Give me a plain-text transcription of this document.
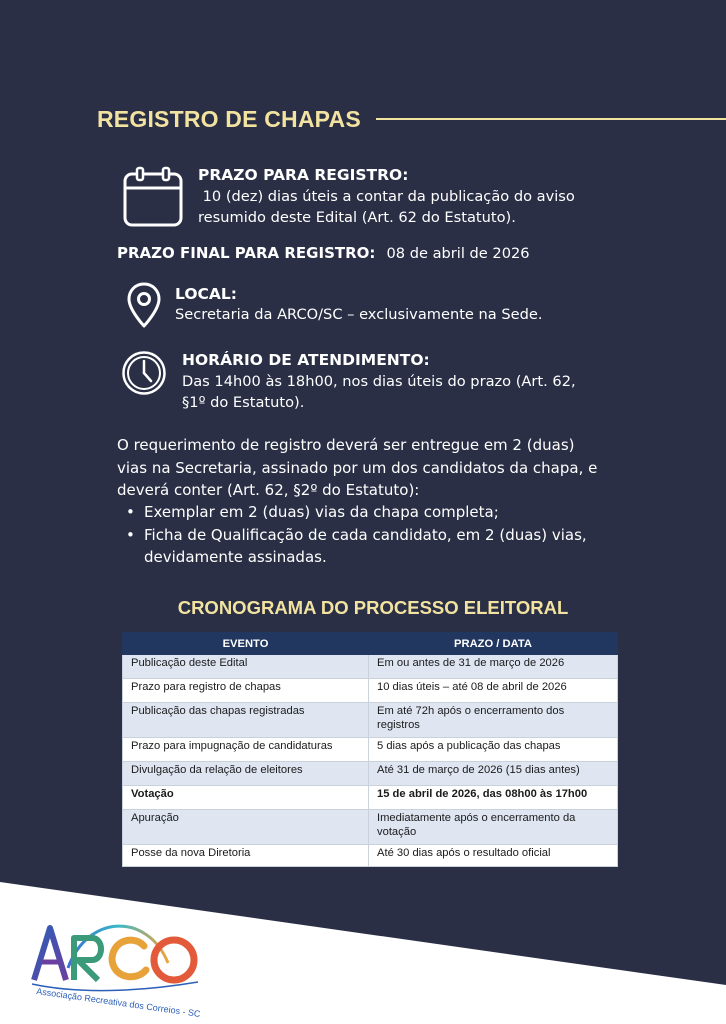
REGISTRO DE CHAPAS
PRAZO PARA REGISTRO:
10 (dez) dias úteis a contar da publicação do aviso
resumido deste Edital (Art. 62 do Estatuto).
PRAZO FINAL PARA REGISTRO: 08 de abril de 2026
LOCAL:
Secretaria da ARCO/SC – exclusivamente na Sede.
HORÁRIO DE ATENDIMENTO:
Das 14h00 às 18h00, nos dias úteis do prazo (Art. 62,
§1º do Estatuto).
O requerimento de registro deverá ser entregue em 2 (duas)
vias na Secretaria, assinado por um dos candidatos da chapa, e
deverá conter (Art. 62, §2º do Estatuto):
• Exemplar em 2 (duas) vias da chapa completa;
• Ficha de Qualificação de cada candidato, em 2 (duas) vias, devidamente assinadas.
CRONOGRAMA DO PROCESSO ELEITORAL
EVENTO	PRAZO / DATA
Publicação deste Edital	Em ou antes de 31 de março de 2026
Prazo para registro de chapas	10 dias úteis – até 08 de abril de 2026
Publicação das chapas registradas	Em até 72h após o encerramento dos registros
Prazo para impugnação de candidaturas	5 dias após a publicação das chapas
Divulgação da relação de eleitores	Até 31 de março de 2026 (15 dias antes)
Votação	15 de abril de 2026, das 08h00 às 17h00
Apuração	Imediatamente após o encerramento da votação
Posse da nova Diretoria	Até 30 dias após o resultado oficial
Associação Recreativa dos Correios - SC
